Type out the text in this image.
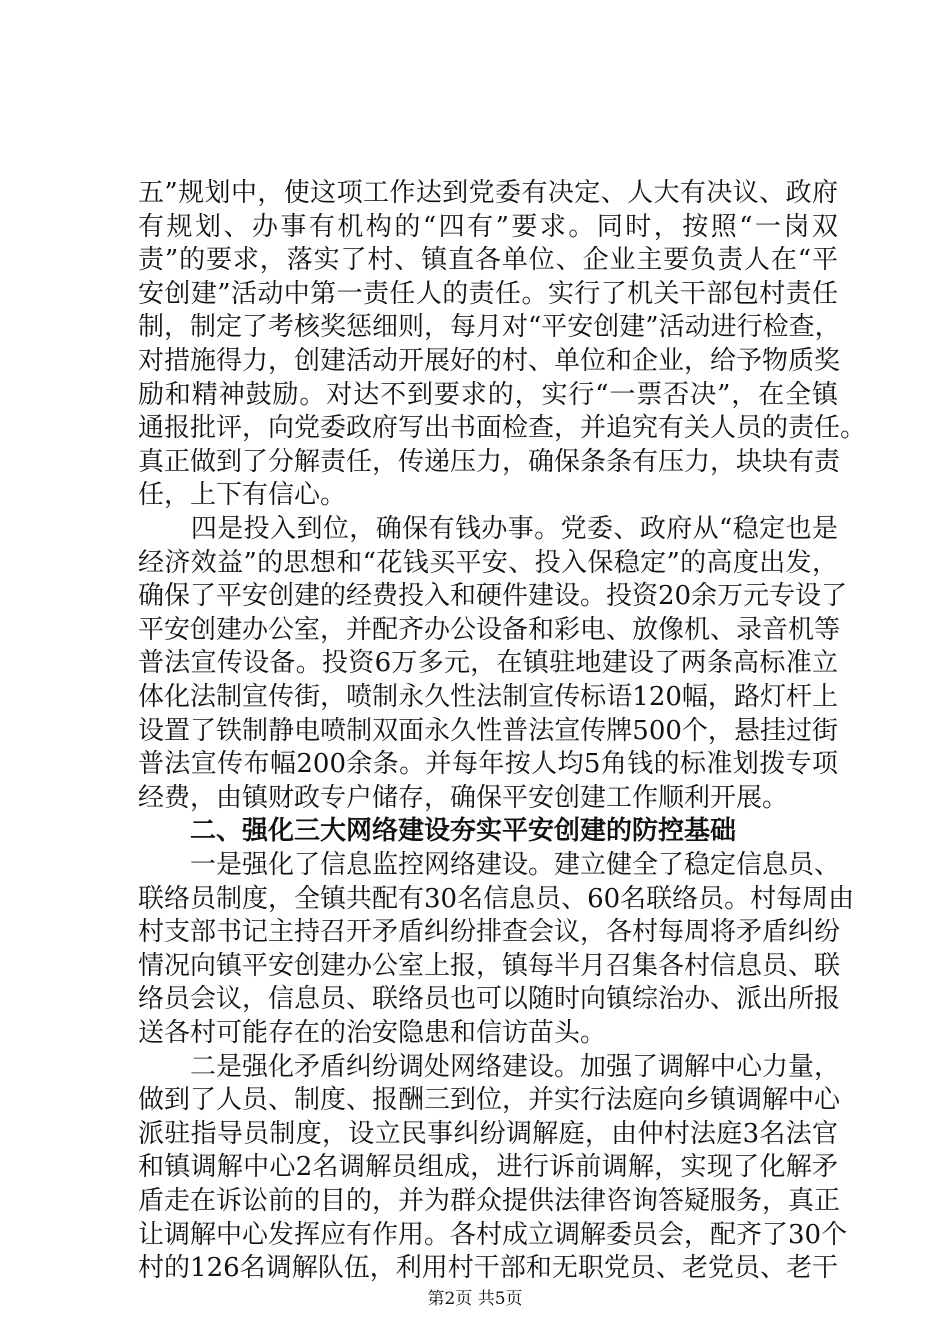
五”规划中，使这项工作达到党委有决定、人大有决议、政府
有规划、办事有机构的“四有”要求。同时，按照“一岗双
责”的要求，落实了村、镇直各单位、企业主要负责人在“平
安创建”活动中第一责任人的责任。实行了机关干部包村责任
制，制定了考核奖惩细则，每月对“平安创建”活动进行检查，
对措施得力，创建活动开展好的村、单位和企业，给予物质奖
励和精神鼓励。对达不到要求的，实行“一票否决”，在全镇
通报批评，向党委政府写出书面检查，并追究有关人员的责任。
真正做到了分解责任，传递压力，确保条条有压力，块块有责
任，上下有信心。
　　四是投入到位，确保有钱办事。党委、政府从“稳定也是
经济效益”的思想和“花钱买平安、投入保稳定”的高度出发，
确保了平安创建的经费投入和硬件建设。投资20余万元专设了
平安创建办公室，并配齐办公设备和彩电、放像机、录音机等
普法宣传设备。投资6万多元，在镇驻地建设了两条高标准立
体化法制宣传街，喷制永久性法制宣传标语120幅，路灯杆上
设置了铁制静电喷制双面永久性普法宣传牌500个，悬挂过街
普法宣传布幅200余条。并每年按人均5角钱的标准划拨专项
经费，由镇财政专户储存，确保平安创建工作顺利开展。
　　二、强化三大网络建设夯实平安创建的防控基础
　　一是强化了信息监控网络建设。建立健全了稳定信息员、
联络员制度，全镇共配有30名信息员、60名联络员。村每周由
村支部书记主持召开矛盾纠纷排查会议，各村每周将矛盾纠纷
情况向镇平安创建办公室上报，镇每半月召集各村信息员、联
络员会议，信息员、联络员也可以随时向镇综治办、派出所报
送各村可能存在的治安隐患和信访苗头。
　　二是强化矛盾纠纷调处网络建设。加强了调解中心力量，
做到了人员、制度、报酬三到位，并实行法庭向乡镇调解中心
派驻指导员制度，设立民事纠纷调解庭，由仲村法庭3名法官
和镇调解中心2名调解员组成，进行诉前调解，实现了化解矛
盾走在诉讼前的目的，并为群众提供法律咨询答疑服务，真正
让调解中心发挥应有作用。各村成立调解委员会，配齐了30个
村的126名调解队伍，利用村干部和无职党员、老党员、老干
第2页 共5页
